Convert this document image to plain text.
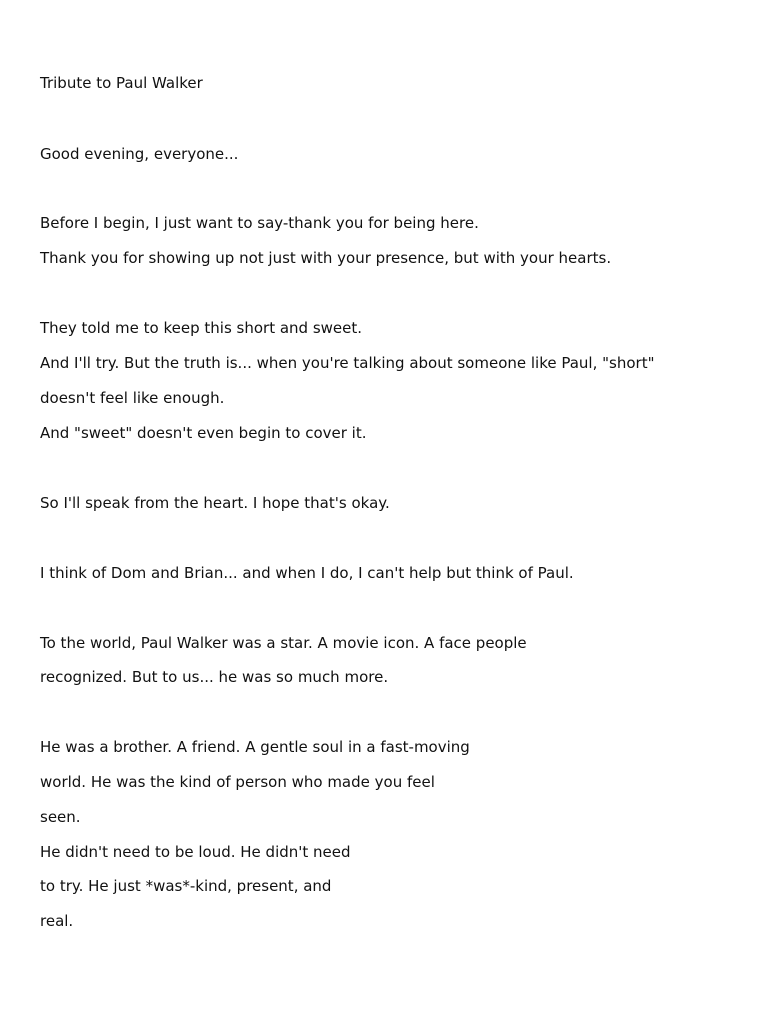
Tribute to Paul Walker

Good evening, everyone...

Before I begin, I just want to say-thank you for being here.

Thank you for showing up not just with your presence, but with your hearts.

They told me to keep this short and sweet.

And I'll try. But the truth is... when you're talking about someone like Paul, "short"

doesn't feel like enough.

And "sweet" doesn't even begin to cover it.

So I'll speak from the heart. I hope that's okay.

I think of Dom and Brian... and when I do, I can't help but think of Paul.

To the world, Paul Walker was a star. A movie icon. A face people

recognized. But to us... he was so much more.

He was a brother. A friend. A gentle soul in a fast-moving

world. He was the kind of person who made you feel

seen.

He didn't need to be loud. He didn't need

to try. He just *was*-kind, present, and

real.
